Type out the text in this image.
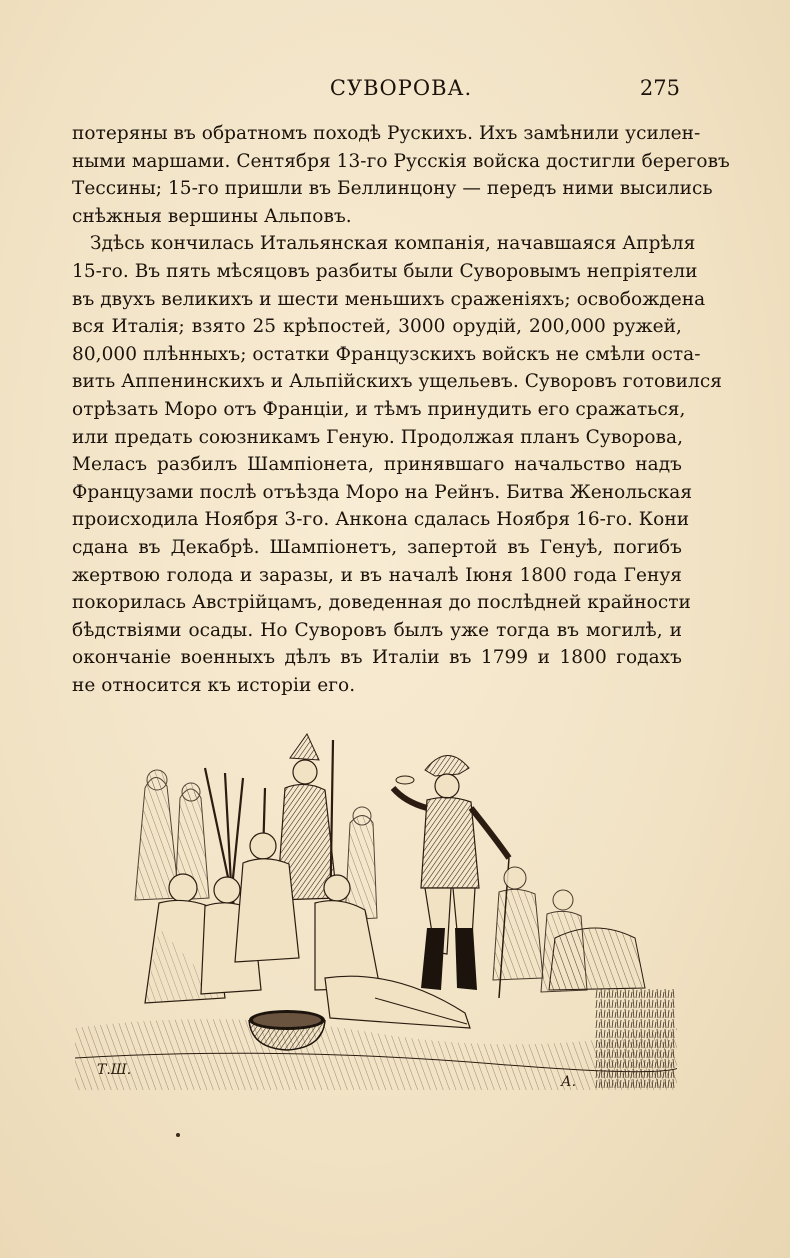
СУВОРОВА.	275
потеряны въ обратномъ походѣ Рускихъ. Ихъ замѣнили усилен-
ными маршами. Сентября 13-го Русскія войска достигли береговъ
Тессины; 15-го пришли въ Беллинцону — передъ ними высились
снѣжныя вершины Альповъ.
Здѣсь кончилась Итальянская компанія, начавшаяся Апрѣля
15-го. Въ пять мѣсяцовъ разбиты были Суворовымъ непріятели
въ двухъ великихъ и шести меньшихъ сраженіяхъ; освобождена
вся Италія; взято 25 крѣпостей, 3000 орудій, 200,000 ружей,
80,000 плѣнныхъ; остатки Французскихъ войскъ не смѣли оста-
вить Аппенинскихъ и Альпійскихъ ущельевъ. Суворовъ готовился
отрѣзать Моро отъ Франціи, и тѣмъ принудить его сражаться,
или предать союзникамъ Геную. Продолжая планъ Суворова,
Меласъ разбилъ Шампіонета, принявшаго начальство надъ
Французами послѣ отъѣзда Моро на Рейнъ. Битва Женольская
происходила Ноября 3-го. Анкона сдалась Ноября 16-го. Кони
сдана въ Декабрѣ. Шампіонетъ, запертой въ Генуѣ, погибъ
жертвою голода и заразы, и въ началѣ Іюня 1800 года Генуя
покорилась Австрійцамъ, доведенная до послѣдней крайности
бѣдствіями осады. Но Суворовъ былъ уже тогда въ могилѣ, и
окончаніе военныхъ дѣлъ въ Италіи въ 1799 и 1800 годахъ
не относится къ исторіи его.
Т.Ш.
А.
